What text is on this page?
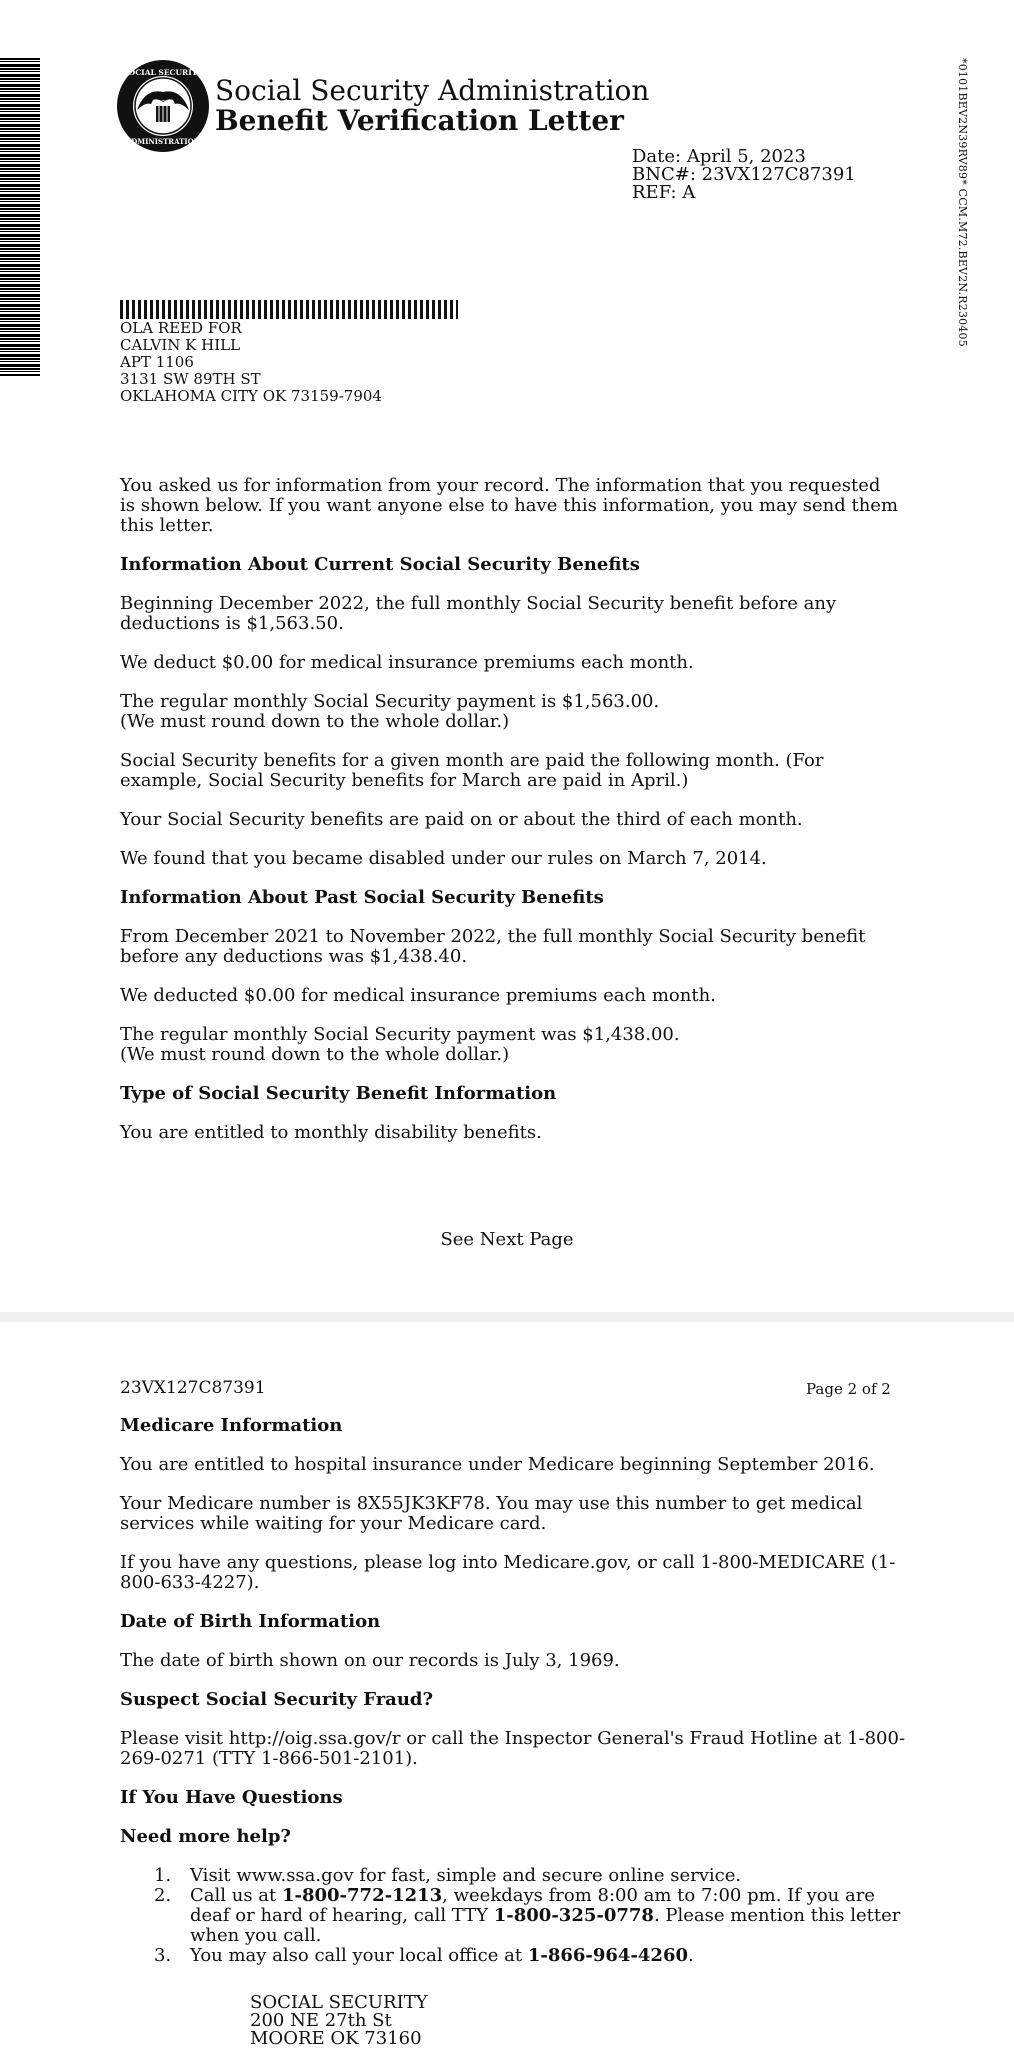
*0101BEV2N39RV89* CCM.M72.BEV2N.R230405
USA
SOCIAL SECURITY
ADMINISTRATION
Social Security Administration
Benefit Verification Letter
Date: April 5, 2023
BNC#: 23VX127C87391
REF: A
OLA REED FOR
CALVIN K HILL
APT 1106
3131 SW 89TH ST
OKLAHOMA CITY OK 73159-7904

You asked us for information from your record. The information that you requested is shown below. If you want anyone else to have this information, you may send them this letter.

Information About Current Social Security Benefits

Beginning December 2022, the full monthly Social Security benefit before any deductions is $1,563.50.

We deduct $0.00 for medical insurance premiums each month.

The regular monthly Social Security payment is $1,563.00.
(We must round down to the whole dollar.)

Social Security benefits for a given month are paid the following month. (For example, Social Security benefits for March are paid in April.)

Your Social Security benefits are paid on or about the third of each month.

We found that you became disabled under our rules on March 7, 2014.

Information About Past Social Security Benefits

From December 2021 to November 2022, the full monthly Social Security benefit before any deductions was $1,438.40.

We deducted $0.00 for medical insurance premiums each month.

The regular monthly Social Security payment was $1,438.00.
(We must round down to the whole dollar.)

Type of Social Security Benefit Information

You are entitled to monthly disability benefits.

See Next Page
23VX127C87391	Page 2 of 2
Medicare Information

You are entitled to hospital insurance under Medicare beginning September 2016.

Your Medicare number is 8X55JK3KF78. You may use this number to get medical services while waiting for your Medicare card.

If you have any questions, please log into Medicare.gov, or call 1-800-MEDICARE (1-800-633-4227).

Date of Birth Information

The date of birth shown on our records is July 3, 1969.

Suspect Social Security Fraud?

Please visit http://oig.ssa.gov/r or call the Inspector General's Fraud Hotline at 1-800-269-0271 (TTY 1-866-501-2101).

If You Have Questions
Need more help?
1. Visit www.ssa.gov for fast, simple and secure online service.
2. Call us at 1-800-772-1213, weekdays from 8:00 am to 7:00 pm. If you are deaf or hard of hearing, call TTY 1-800-325-0778. Please mention this letter when you call.
3. You may also call your local office at 1-866-964-4260.
SOCIAL SECURITY
200 NE 27th St
MOORE OK 73160
